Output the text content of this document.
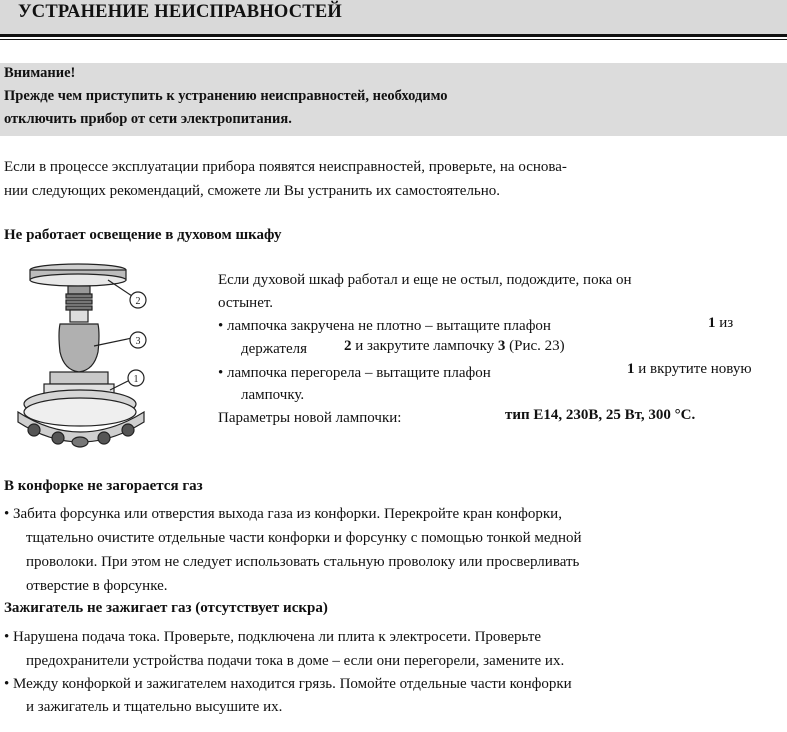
УСТРАНЕНИЕ НЕИСПРАВНОСТЕЙ
Внимание!
Прежде чем приступить к устранению неисправностей, необходимо
отключить прибор от сети электропитания.
Если в процессе эксплуатации прибора появятся неисправностей, проверьте, на основа-
нии следующих рекомендаций, сможете ли Вы устранить их самостоятельно.
Не работает освещение в духовом шкафу
2
3
1
Если духовой шкаф работал и еще не остыл, подождите, пока он
остынет.
• лампочка закручена не плотно – вытащите плафон	1 из
держателя 2 и закрутите лампочку 3 (Рис. 23)
• лампочка перегорела – вытащите плафон	1 и вкрутите новую
лампочку.
Параметры новой лампочки:	тип Е14, 230В, 25 Вт, 300 °С.
В конфорке не загорается газ
• Забита форсунка или отверстия выхода газа из конфорки. Перекройте кран конфорки,
тщательно очистите отдельные части конфорки и форсунку с помощью тонкой медной
проволоки. При этом не следует использовать стальную проволоку или просверливать
отверстие в форсунке.
Зажигатель не зажигает газ (отсутствует искра)
• Нарушена подача тока. Проверьте, подключена ли плита к электросети. Проверьте
предохранители устройства подачи тока в доме – если они перегорели, замените их.
• Между конфоркой и зажигателем находится грязь. Помойте отдельные части конфорки
и зажигатель и тщательно высушите их.
